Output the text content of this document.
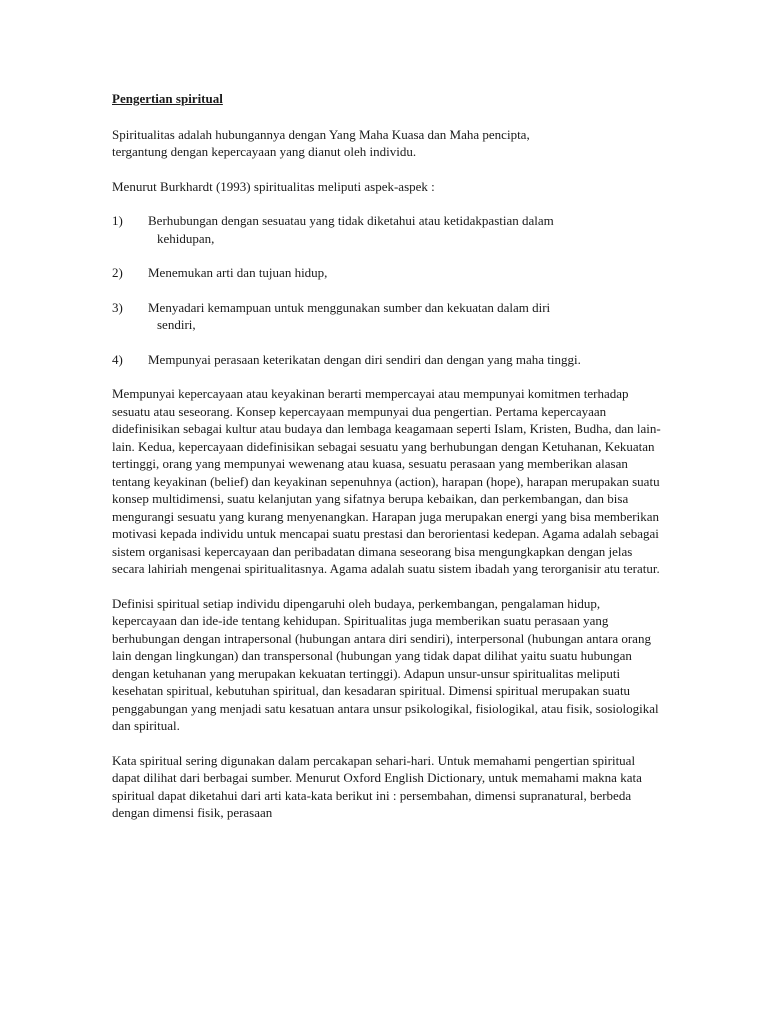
Pengertian spiritual

Spiritualitas adalah hubungannya dengan Yang Maha Kuasa dan Maha pencipta,
tergantung dengan kepercayaan yang dianut oleh individu.

Menurut Burkhardt (1993) spiritualitas meliputi aspek-aspek :

1) Berhubungan dengan sesuatau yang tidak diketahui atau ketidakpastian dalam
kehidupan,
2) Menemukan arti dan tujuan hidup,
3) Menyadari kemampuan untuk menggunakan sumber dan kekuatan dalam diri
sendiri,
4) Mempunyai perasaan keterikatan dengan diri sendiri dan dengan yang maha tinggi.

Mempunyai kepercayaan atau keyakinan berarti mempercayai atau mempunyai komitmen terhadap sesuatu atau seseorang. Konsep kepercayaan mempunyai dua pengertian. Pertama kepercayaan didefinisikan sebagai kultur atau budaya dan lembaga keagamaan seperti Islam, Kristen, Budha, dan lain-lain. Kedua, kepercayaan didefinisikan sebagai sesuatu yang berhubungan dengan Ketuhanan, Kekuatan tertinggi, orang yang mempunyai wewenang atau kuasa, sesuatu perasaan yang memberikan alasan tentang keyakinan (belief) dan keyakinan sepenuhnya (action), harapan (hope), harapan merupakan suatu konsep multidimensi, suatu kelanjutan yang sifatnya berupa kebaikan, dan perkembangan, dan bisa mengurangi sesuatu yang kurang menyenangkan. Harapan juga merupakan energi yang bisa memberikan motivasi kepada individu untuk mencapai suatu prestasi dan berorientasi kedepan. Agama adalah sebagai sistem organisasi kepercayaan dan peribadatan dimana seseorang bisa mengungkapkan dengan jelas secara lahiriah mengenai spiritualitasnya. Agama adalah suatu sistem ibadah yang terorganisir atu teratur.

Definisi spiritual setiap individu dipengaruhi oleh budaya, perkembangan, pengalaman hidup, kepercayaan dan ide-ide tentang kehidupan. Spiritualitas juga memberikan suatu perasaan yang berhubungan dengan intrapersonal (hubungan antara diri sendiri), interpersonal (hubungan antara orang lain dengan lingkungan) dan transpersonal (hubungan yang tidak dapat dilihat yaitu suatu hubungan dengan ketuhanan yang merupakan kekuatan tertinggi). Adapun unsur-unsur spiritualitas meliputi kesehatan spiritual, kebutuhan spiritual, dan kesadaran spiritual. Dimensi spiritual merupakan suatu penggabungan yang menjadi satu kesatuan antara unsur psikologikal, fisiologikal, atau fisik, sosiologikal dan spiritual.

Kata spiritual sering digunakan dalam percakapan sehari-hari. Untuk memahami pengertian spiritual dapat dilihat dari berbagai sumber. Menurut Oxford English Dictionary, untuk memahami makna kata spiritual dapat diketahui dari arti kata-kata berikut ini : persembahan, dimensi supranatural, berbeda dengan dimensi fisik, perasaan
